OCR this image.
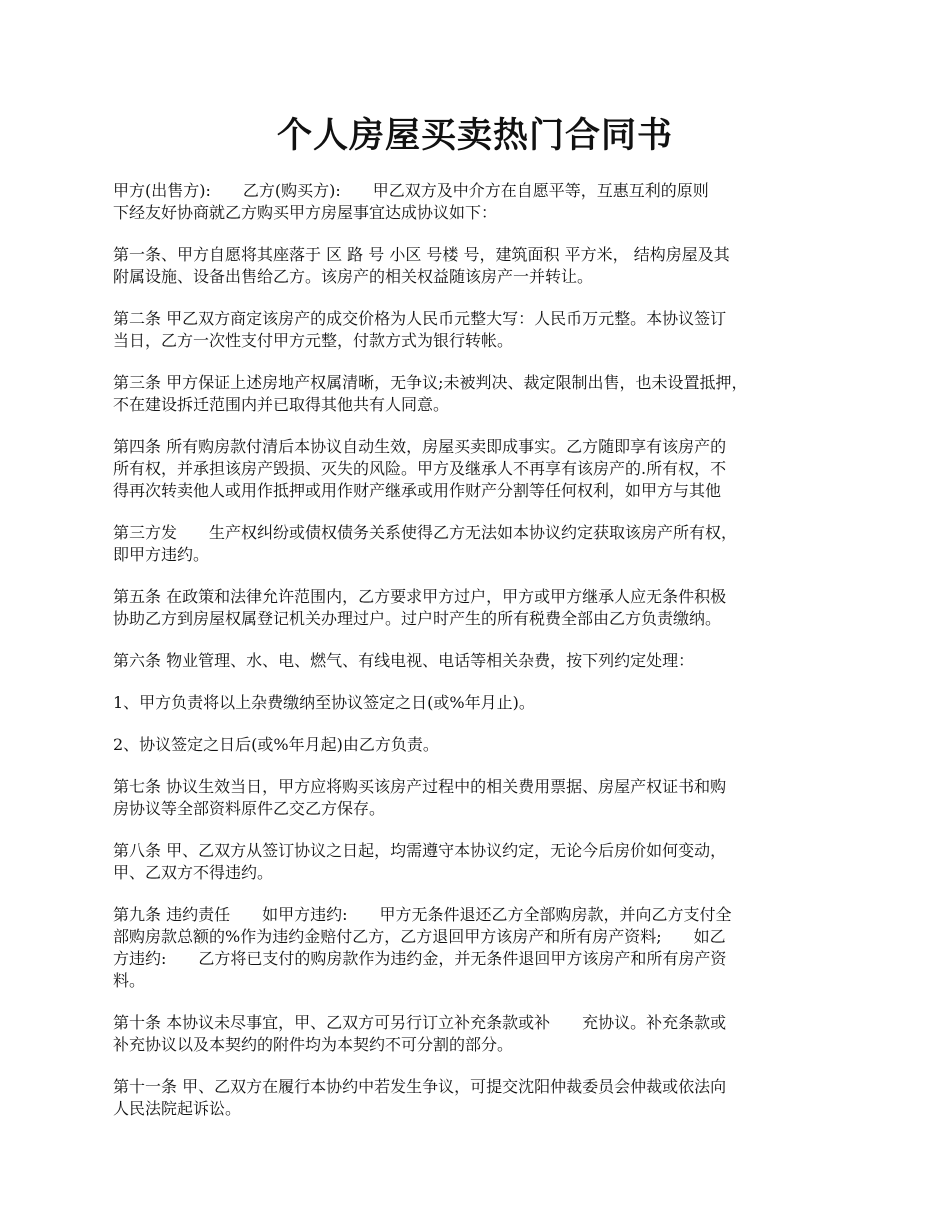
个人房屋买卖热门合同书

甲方(出售方):　　乙方(购买方):　　甲乙双方及中介方在自愿平等，互惠互利的原则
下经友好协商就乙方购买甲方房屋事宜达成协议如下：

第一条、甲方自愿将其座落于 区 路 号 小区 号楼 号，建筑面积 平方米， 结构房屋及其
附属设施、设备出售给乙方。该房产的相关权益随该房产一并转让。

第二条 甲乙双方商定该房产的成交价格为人民币元整大写：人民币万元整。本协议签订
当日，乙方一次性支付甲方元整，付款方式为银行转帐。

第三条 甲方保证上述房地产权属清晰，无争议;未被判决、裁定限制出售，也未设置抵押，
不在建设拆迁范围内并已取得其他共有人同意。

第四条 所有购房款付清后本协议自动生效，房屋买卖即成事实。乙方随即享有该房产的
所有权，并承担该房产毁损、灭失的风险。甲方及继承人不再享有该房产的.所有权，不
得再次转卖他人或用作抵押或用作财产继承或用作财产分割等任何权利，如甲方与其他

第三方发　　生产权纠纷或债权债务关系使得乙方无法如本协议约定获取该房产所有权，
即甲方违约。

第五条 在政策和法律允许范围内，乙方要求甲方过户，甲方或甲方继承人应无条件积极
协助乙方到房屋权属登记机关办理过户。过户时产生的所有税费全部由乙方负责缴纳。

第六条 物业管理、水、电、燃气、有线电视、电话等相关杂费，按下列约定处理：

1、甲方负责将以上杂费缴纳至协议签定之日(或%年月止)。

2、协议签定之日后(或%年月起)由乙方负责。

第七条 协议生效当日，甲方应将购买该房产过程中的相关费用票据、房屋产权证书和购
房协议等全部资料原件乙交乙方保存。

第八条 甲、乙双方从签订协议之日起，均需遵守本协议约定，无论今后房价如何变动，
甲、乙双方不得违约。

第九条 违约责任　　如甲方违约:　　甲方无条件退还乙方全部购房款，并向乙方支付全
部购房款总额的%作为违约金赔付乙方，乙方退回甲方该房产和所有房产资料;　　如乙
方违约:　　乙方将已支付的购房款作为违约金，并无条件退回甲方该房产和所有房产资
料。

第十条 本协议未尽事宜，甲、乙双方可另行订立补充条款或补　　充协议。补充条款或
补充协议以及本契约的附件均为本契约不可分割的部分。

第十一条 甲、乙双方在履行本协约中若发生争议，可提交沈阳仲裁委员会仲裁或依法向
人民法院起诉讼。
